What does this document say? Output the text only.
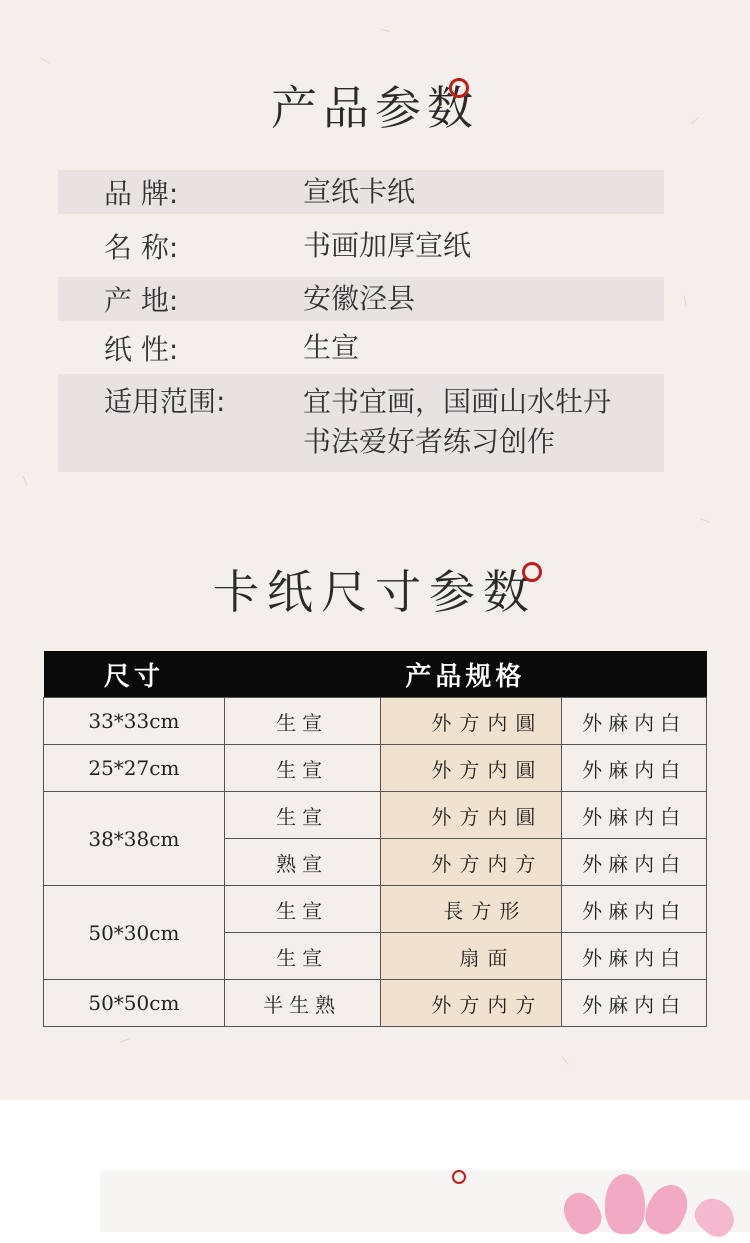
产品参数
品 牌:	宣纸卡纸
名 称:	书画加厚宣纸
产 地:	安徽泾县
纸 性:	生宣
适用范围:	宜书宜画，国画山水牡丹
书法爱好者练习创作
卡纸尺寸参数
尺寸	产品规格		
33*33cm	生宣	外方内圓	外麻内白
25*27cm	生宣	外方内圓	外麻内白
38*38cm	生宣	外方内圓	外麻内白
	熟宣	外方内方	外麻内白
50*30cm	生宣	長方形	外麻内白
	生宣	扇面	外麻内白
50*50cm	半生熟	外方内方	外麻内白
